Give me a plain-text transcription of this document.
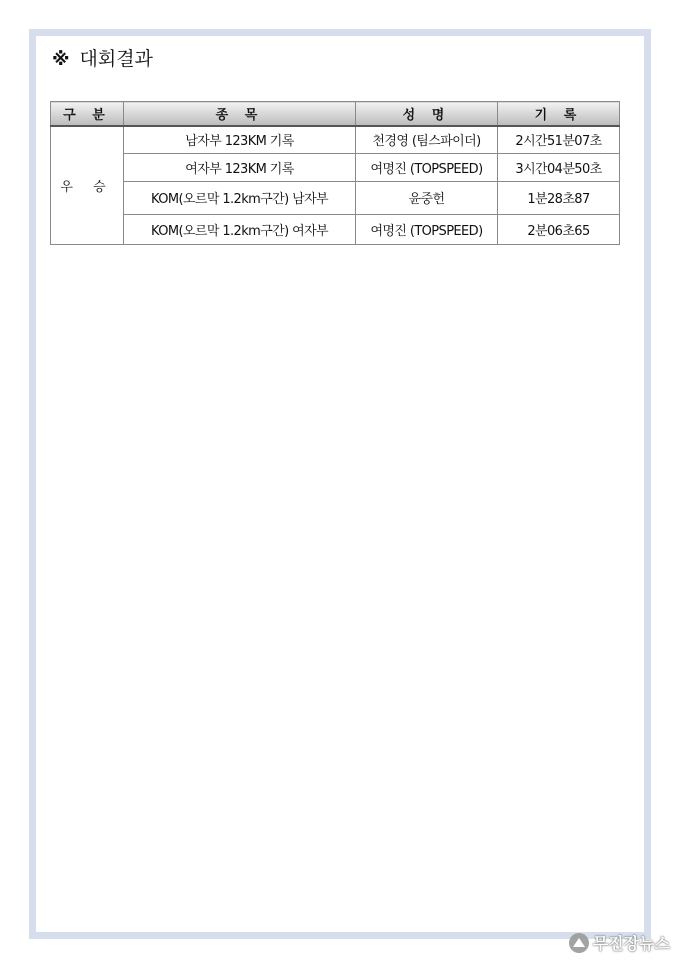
※ 대회결과
구 분	종 목	성 명	기 록
우 승	남자부 123KM 기록	천경영 (팀스파이더)	2시간51분07초
	여자부 123KM 기록	여명진 (TOPSPEED)	3시간04분50초
	KOM(오르막 1.2km구간) 남자부	윤중헌	1분28초87
	KOM(오르막 1.2km구간) 여자부	여명진 (TOPSPEED)	2분06초65
무진장뉴스
